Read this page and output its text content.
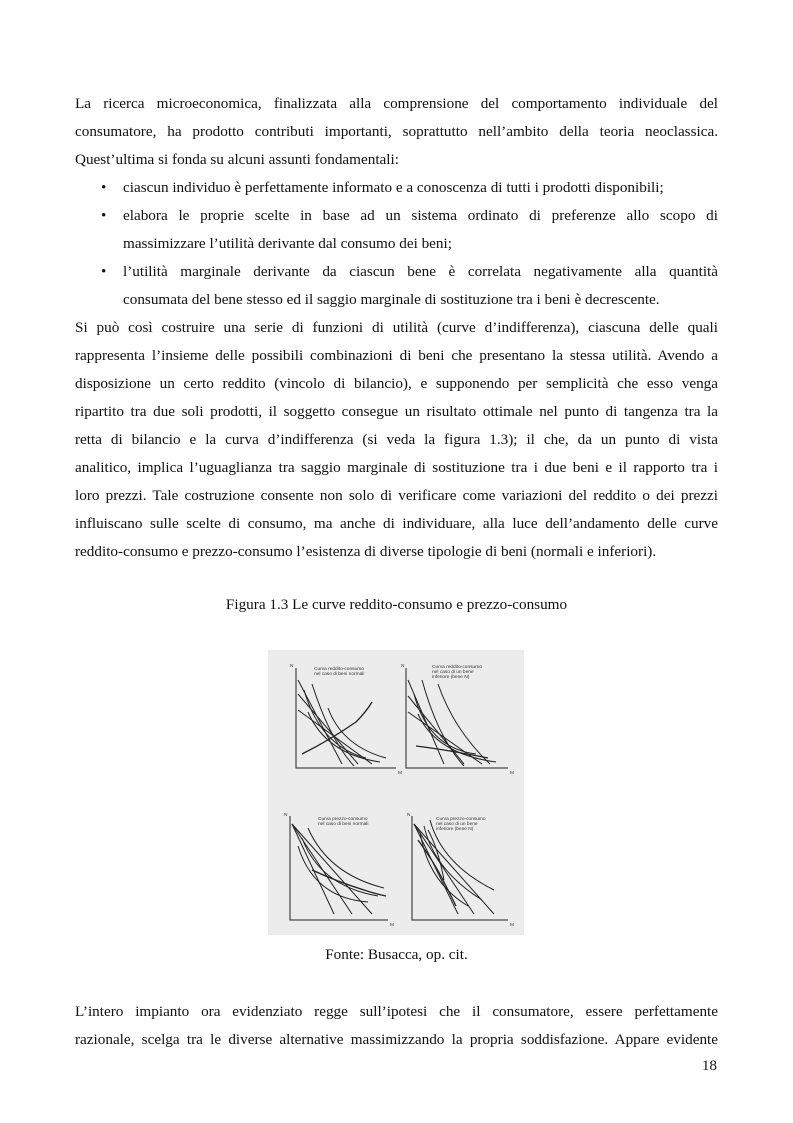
La ricerca microeconomica, finalizzata alla comprensione del comportamento individuale del
consumatore, ha prodotto contributi importanti, soprattutto nell’ambito della teoria neoclassica.
Quest’ultima si fonda su alcuni assunti fondamentali:

• ciascun individuo è perfettamente informato e a conoscenza di tutti i prodotti disponibili;
• elabora le proprie scelte in base ad un sistema ordinato di preferenze allo scopo di
massimizzare l’utilità derivante dal consumo dei beni;
• l’utilità marginale derivante da ciascun bene è correlata negativamente alla quantità
consumata del bene stesso ed il saggio marginale di sostituzione tra i beni è decrescente.

Si può così costruire una serie di funzioni di utilità (curve d’indifferenza), ciascuna delle quali
rappresenta l’insieme delle possibili combinazioni di beni che presentano la stessa utilità. Avendo a
disposizione un certo reddito (vincolo di bilancio), e supponendo per semplicità che esso venga
ripartito tra due soli prodotti, il soggetto consegue un risultato ottimale nel punto di tangenza tra la
retta di bilancio e la curva d’indifferenza (si veda la figura 1.3); il che, da un punto di vista
analitico, implica l’uguaglianza tra saggio marginale di sostituzione tra i due beni e il rapporto tra i
loro prezzi. Tale costruzione consente non solo di verificare come variazioni del reddito o dei prezzi
influiscano sulle scelte di consumo, ma anche di individuare, alla luce dell’andamento delle curve
reddito-consumo e prezzo-consumo l’esistenza di diverse tipologie di beni (normali e inferiori).

Figura 1.3 Le curve reddito-consumo e prezzo-consumo

Curva reddito-consumo
nel caso di beni normali
Curva reddito-consumo
nel caso di un bene
inferiore (bene N)
Curva prezzo-consumo
nel caso di beni normali
Curva prezzo-consumo
nel caso di un bene
inferiore (bene N)
N
M
N
M
N
M
N
M

Fonte: Busacca, op. cit.

L’intero impianto ora evidenziato regge sull’ipotesi che il consumatore, essere perfettamente
razionale, scelga tra le diverse alternative massimizzando la propria soddisfazione. Appare evidente

18
